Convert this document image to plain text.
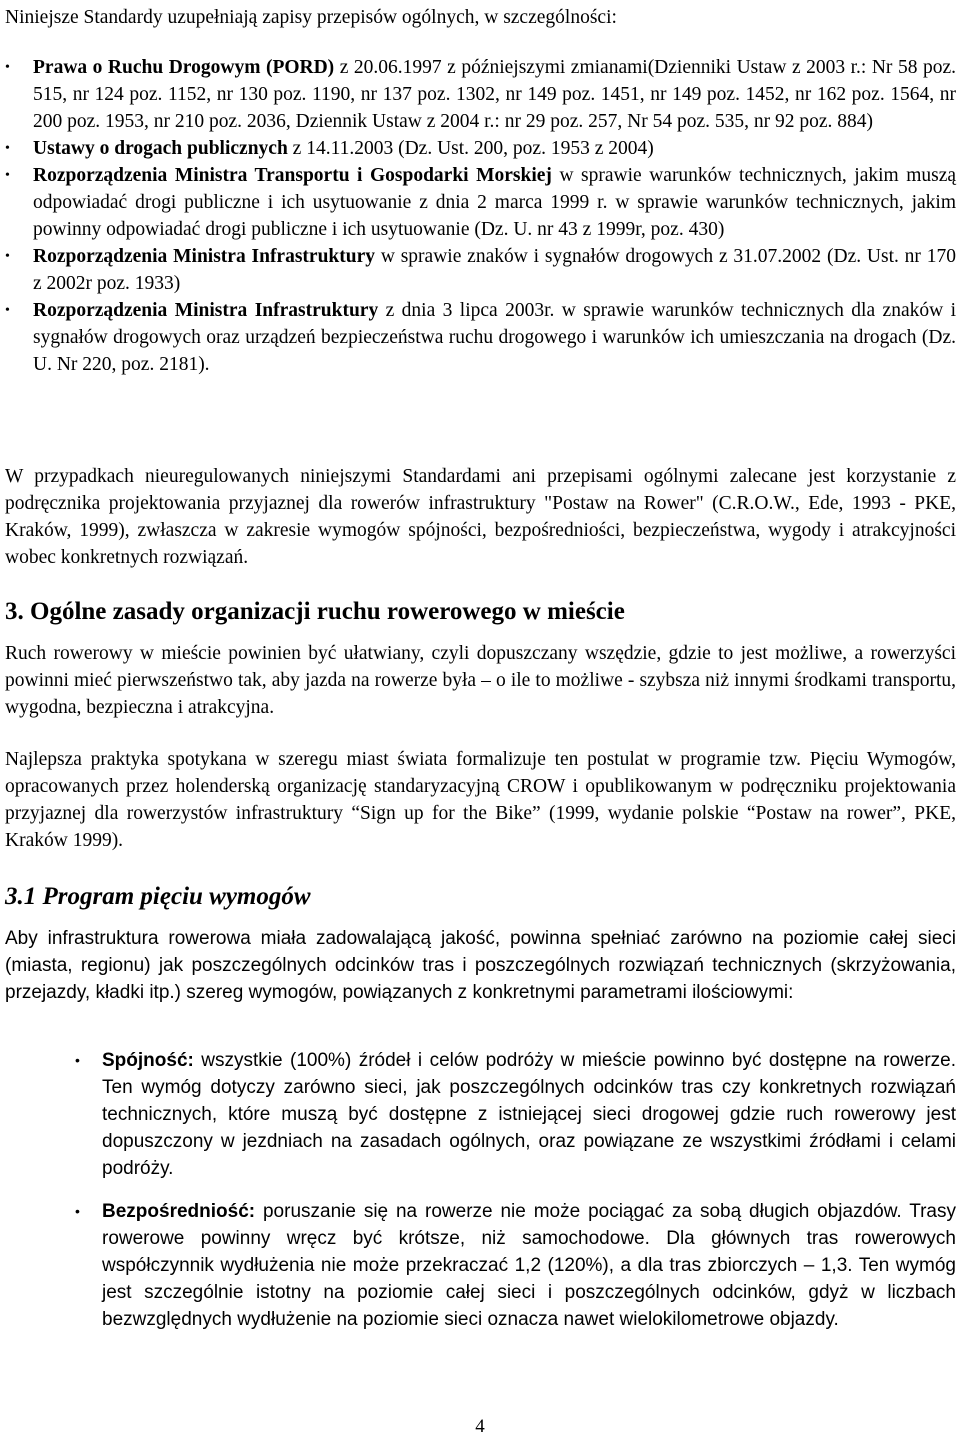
Niniejsze Standardy uzupełniają zapisy przepisów ogólnych, w szczególności:

• Prawa o Ruchu Drogowym (PORD) z 20.06.1997 z późniejszymi zmianami(Dzienniki Ustaw z 2003 r.: Nr 58 poz. 515, nr 124 poz. 1152, nr 130 poz. 1190, nr 137 poz. 1302, nr 149 poz. 1451, nr 149 poz. 1452, nr 162 poz. 1564, nr 200 poz. 1953, nr 210 poz. 2036, Dziennik Ustaw z 2004 r.: nr 29 poz. 257, Nr 54 poz. 535, nr 92 poz. 884)
• Ustawy o drogach publicznych z 14.11.2003 (Dz. Ust. 200, poz. 1953 z 2004)
• Rozporządzenia Ministra Transportu i Gospodarki Morskiej w sprawie warunków technicznych, jakim muszą odpowiadać drogi publiczne i ich usytuowanie z dnia 2 marca 1999 r. w sprawie warunków technicznych, jakim powinny odpowiadać drogi publiczne i ich usytuowanie (Dz. U. nr 43 z 1999r, poz. 430)
• Rozporządzenia Ministra Infrastruktury w sprawie znaków i sygnałów drogowych z 31.07.2002 (Dz. Ust. nr 170 z 2002r poz. 1933)
• Rozporządzenia Ministra Infrastruktury z dnia 3 lipca 2003r. w sprawie warunków technicznych dla znaków i sygnałów drogowych oraz urządzeń bezpieczeństwa ruchu drogowego i warunków ich umieszczania na drogach (Dz. U. Nr 220, poz. 2181).

W przypadkach nieuregulowanych niniejszymi Standardami ani przepisami ogólnymi zalecane jest korzystanie z podręcznika projektowania przyjaznej dla rowerów infrastruktury "Postaw na Rower" (C.R.O.W., Ede, 1993 - PKE, Kraków, 1999), zwłaszcza w zakresie wymogów spójności, bezpośredniości, bezpieczeństwa, wygody i atrakcyjności wobec konkretnych rozwiązań.

3. Ogólne zasady organizacji ruchu rowerowego w mieście

Ruch rowerowy w mieście powinien być ułatwiany, czyli dopuszczany wszędzie, gdzie to jest możliwe, a rowerzyści powinni mieć pierwszeństwo tak, aby jazda na rowerze była – o ile to możliwe - szybsza niż innymi środkami transportu, wygodna, bezpieczna i atrakcyjna.

Najlepsza praktyka spotykana w szeregu miast świata formalizuje ten postulat w programie tzw. Pięciu Wymogów, opracowanych przez holenderską organizację standaryzacyjną CROW i opublikowanym w podręczniku projektowania przyjaznej dla rowerzystów infrastruktury “Sign up for the Bike” (1999, wydanie polskie “Postaw na rower”, PKE, Kraków 1999).

3.1 Program pięciu wymogów

Aby infrastruktura rowerowa miała zadowalającą jakość, powinna spełniać zarówno na poziomie całej sieci (miasta, regionu) jak poszczególnych odcinków tras i poszczególnych rozwiązań technicznych (skrzyżowania, przejazdy, kładki itp.) szereg wymogów, powiązanych z konkretnymi parametrami ilościowymi:

• Spójność: wszystkie (100%) źródeł i celów podróży w mieście powinno być dostępne na rowerze. Ten wymóg dotyczy zarówno sieci, jak poszczególnych odcinków tras czy konkretnych rozwiązań technicznych, które muszą być dostępne z istniejącej sieci drogowej gdzie ruch rowerowy jest dopuszczony w jezdniach na zasadach ogólnych, oraz powiązane ze wszystkimi źródłami i celami podróży.
• Bezpośredniość: poruszanie się na rowerze nie może pociągać za sobą długich objazdów. Trasy rowerowe powinny wręcz być krótsze, niż samochodowe. Dla głównych tras rowerowych współczynnik wydłużenia nie może przekraczać 1,2 (120%), a dla tras zbiorczych – 1,3. Ten wymóg jest szczególnie istotny na poziomie całej sieci i poszczególnych odcinków, gdyż w liczbach bezwzględnych wydłużenie na poziomie sieci oznacza nawet wielokilometrowe objazdy.
4
